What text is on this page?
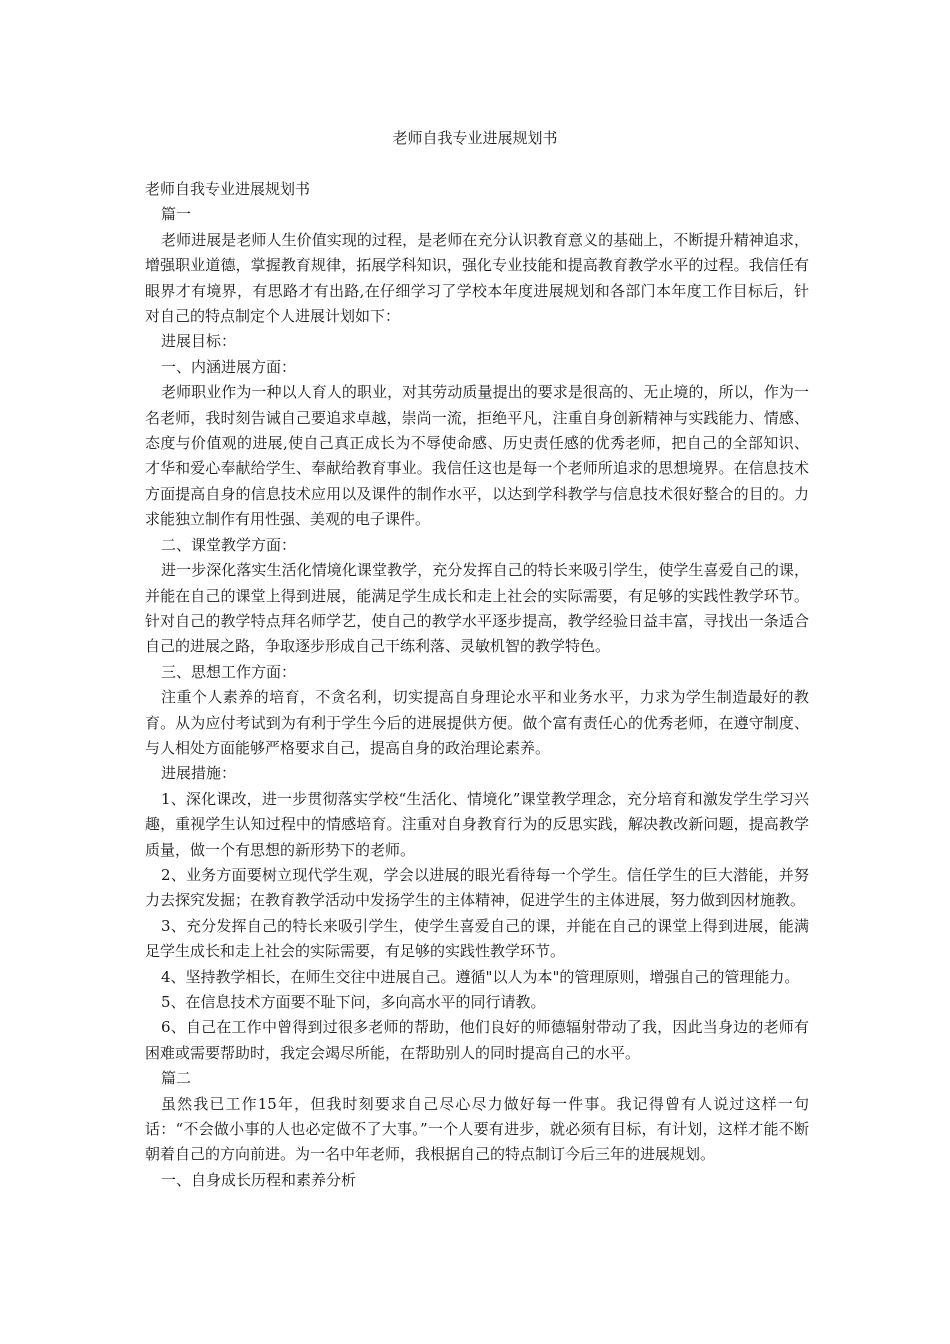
老师自我专业进展规划书

老师自我专业进展规划书

篇一

老师进展是老师人生价值实现的过程，是老师在充分认识教育意义的基础上，不断提升精神追求，增强职业道德，掌握教育规律，拓展学科知识，强化专业技能和提高教育教学水平的过程。我信任有眼界才有境界，有思路才有出路,在仔细学习了学校本年度进展规划和各部门本年度工作目标后，针对自己的特点制定个人进展计划如下：

进展目标：

一、内涵进展方面：

老师职业作为一种以人育人的职业，对其劳动质量提出的要求是很高的、无止境的，所以，作为一名老师，我时刻告诫自己要追求卓越，崇尚一流，拒绝平凡，注重自身创新精神与实践能力、情感、态度与价值观的进展,使自己真正成长为不辱使命感、历史责任感的优秀老师，把自己的全部知识、才华和爱心奉献给学生、奉献给教育事业。我信任这也是每一个老师所追求的思想境界。在信息技术方面提高自身的信息技术应用以及课件的制作水平，以达到学科教学与信息技术很好整合的目的。力求能独立制作有用性强、美观的电子课件。

二、课堂教学方面：

进一步深化落实生活化情境化课堂教学，充分发挥自己的特长来吸引学生，使学生喜爱自己的课，并能在自己的课堂上得到进展，能满足学生成长和走上社会的实际需要，有足够的实践性教学环节。针对自己的教学特点拜名师学艺，使自己的教学水平逐步提高，教学经验日益丰富，寻找出一条适合自己的进展之路，争取逐步形成自己干练利落、灵敏机智的教学特色。

三、思想工作方面：

注重个人素养的培育，不贪名利，切实提高自身理论水平和业务水平，力求为学生制造最好的教育。从为应付考试到为有利于学生今后的进展提供方便。做个富有责任心的优秀老师，在遵守制度、与人相处方面能够严格要求自己，提高自身的政治理论素养。

进展措施：

1、深化课改，进一步贯彻落实学校“生活化、情境化”课堂教学理念，充分培育和激发学生学习兴趣，重视学生认知过程中的情感培育。注重对自身教育行为的反思实践，解决教改新问题，提高教学质量，做一个有思想的新形势下的老师。

2、业务方面要树立现代学生观，学会以进展的眼光看待每一个学生。信任学生的巨大潜能，并努力去探究发掘；在教育教学活动中发扬学生的主体精神，促进学生的主体进展，努力做到因材施教。

3、充分发挥自己的特长来吸引学生，使学生喜爱自己的课，并能在自己的课堂上得到进展，能满足学生成长和走上社会的实际需要，有足够的实践性教学环节。

4、坚持教学相长，在师生交往中进展自己。遵循"以人为本"的管理原则，增强自己的管理能力。

5、在信息技术方面要不耻下问，多向高水平的同行请教。

6、自己在工作中曾得到过很多老师的帮助，他们良好的师德辐射带动了我，因此当身边的老师有困难或需要帮助时，我定会竭尽所能，在帮助别人的同时提高自己的水平。

篇二

虽然我已工作15年，但我时刻要求自己尽心尽力做好每一件事。我记得曾有人说过这样一句话：“不会做小事的人也必定做不了大事。”一个人要有进步，就必须有目标，有计划，这样才能不断朝着自己的方向前进。为一名中年老师，我根据自己的特点制订今后三年的进展规划。

一、自身成长历程和素养分析
